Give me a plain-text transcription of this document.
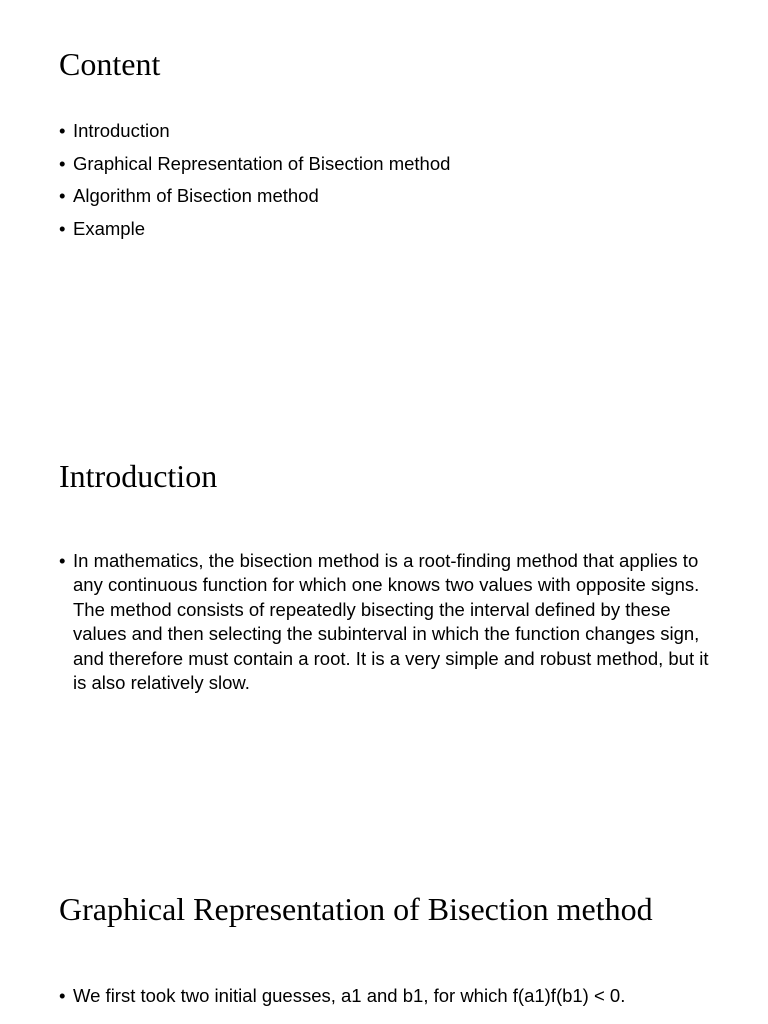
Content
• Introduction
• Graphical Representation of Bisection method
• Algorithm of Bisection method
• Example
Introduction
• In mathematics, the bisection method is a root-finding method that applies to any continuous function for which one knows two values with opposite signs. The method consists of repeatedly bisecting the interval defined by these values and then selecting the subinterval in which the function changes sign, and therefore must contain a root. It is a very simple and robust method, but it is also relatively slow.
Graphical Representation of Bisection method
• We first took two initial guesses, a1 and b1, for which f(a1)f(b1) < 0.
